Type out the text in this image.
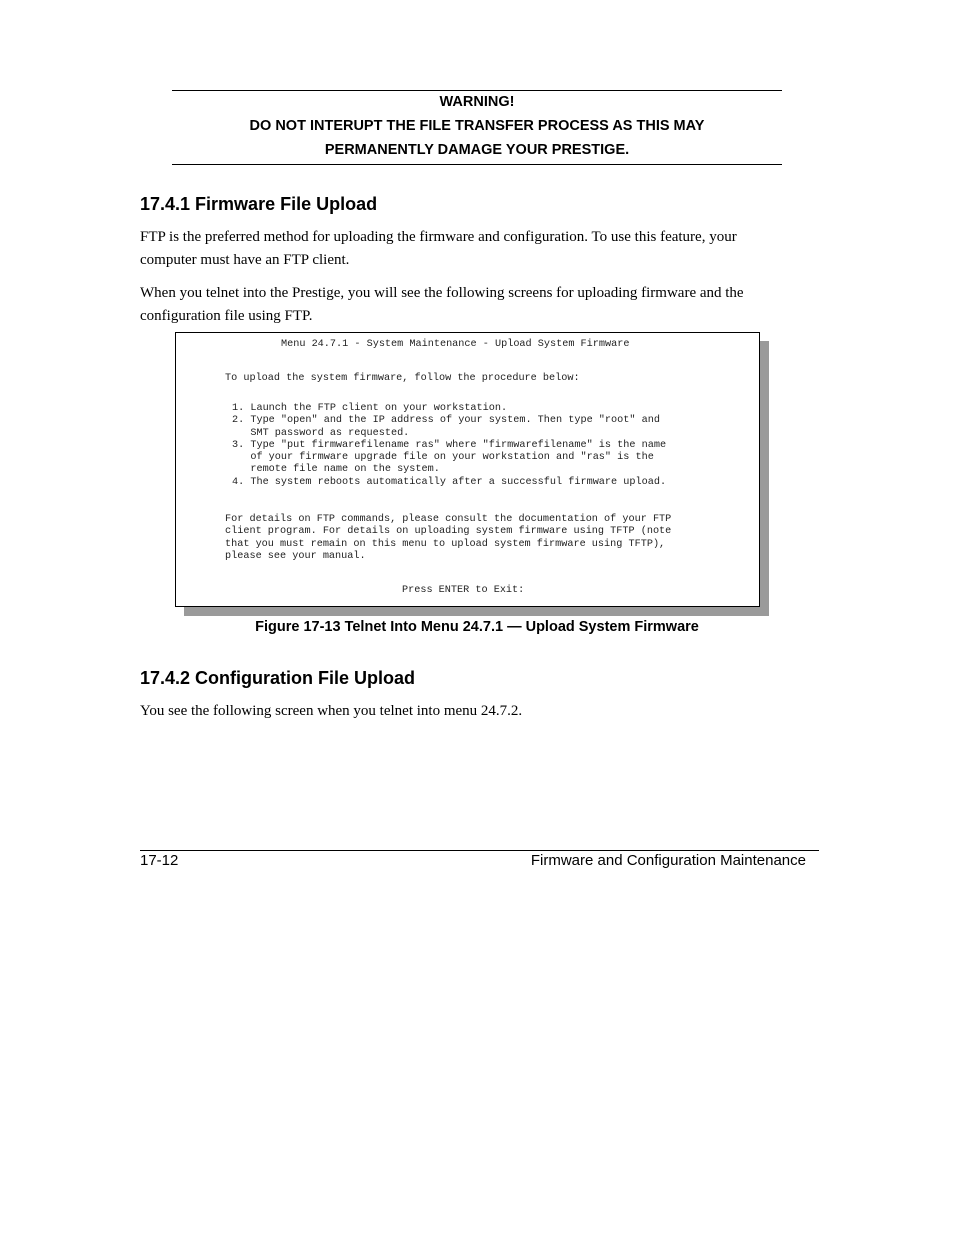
WARNING!
DO NOT INTERUPT THE FILE TRANSFER PROCESS AS THIS MAY
PERMANENTLY DAMAGE YOUR PRESTIGE.
17.4.1 Firmware File Upload
FTP is the preferred method for uploading the firmware and configuration. To use this feature, your
computer must have an FTP client.
When you telnet into the Prestige, you will see the following screens for uploading firmware and the
configuration file using FTP.
Menu 24.7.1 - System Maintenance - Upload System Firmware
To upload the system firmware, follow the procedure below:
1. Launch the FTP client on your workstation.
2. Type "open" and the IP address of your system. Then type "root" and
SMT password as requested.
3. Type "put firmwarefilename ras" where "firmwarefilename" is the name
of your firmware upgrade file on your workstation and "ras" is the
remote file name on the system.
4. The system reboots automatically after a successful firmware upload.
For details on FTP commands, please consult the documentation of your FTP
client program. For details on uploading system firmware using TFTP (note
that you must remain on this menu to upload system firmware using TFTP),
please see your manual.
Press ENTER to Exit:
Figure 17-13 Telnet Into Menu 24.7.1 — Upload System Firmware
17.4.2 Configuration File Upload
You see the following screen when you telnet into menu 24.7.2.
17-12	Firmware and Configuration Maintenance
